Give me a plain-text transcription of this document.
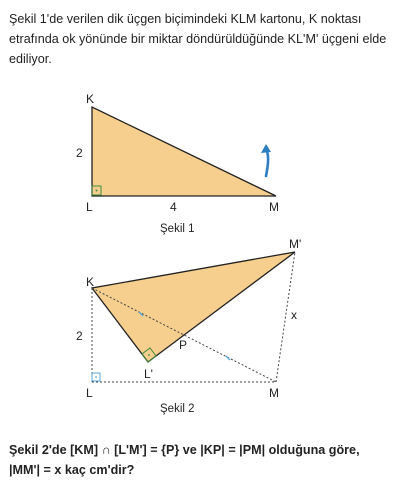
Şekil 1'de verilen dik üçgen biçimindeki KLM kartonu, K noktası etrafında ok yönünde bir miktar döndürüldüğünde KL'M' üçgeni elde ediliyor.

K
L	M
2
4
Şekil 1
K
L	M
L'
M'
P
2
x
Şekil 2

Şekil 2'de [KM] ∩ [L'M'] = {P} ve |KP| = |PM| olduğuna göre, |MM'| = x kaç cm'dir?
